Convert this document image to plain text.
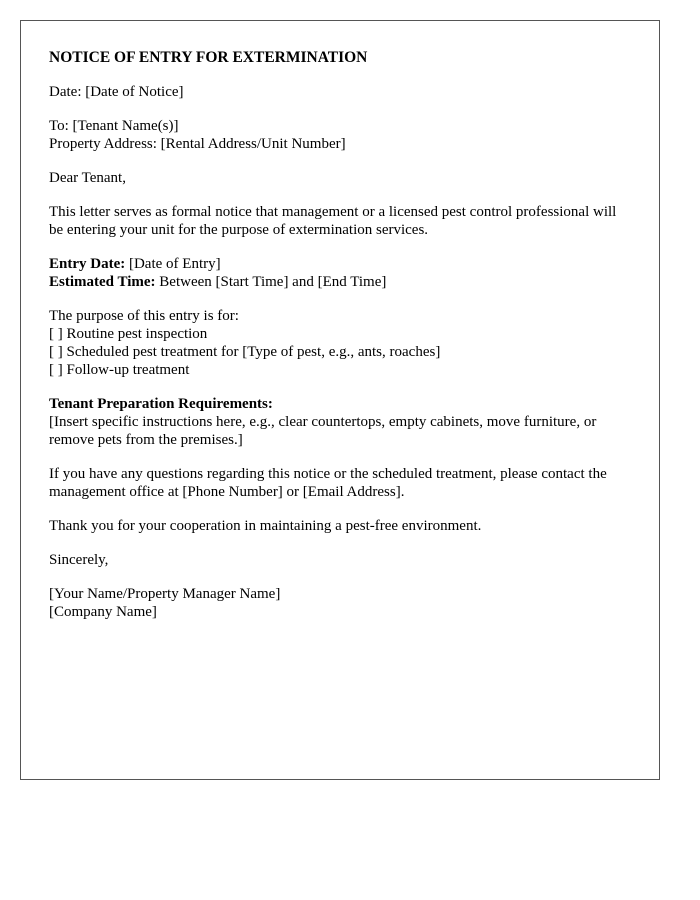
NOTICE OF ENTRY FOR EXTERMINATION
Date: [Date of Notice]
To: [Tenant Name(s)]
Property Address: [Rental Address/Unit Number]
Dear Tenant,
This letter serves as formal notice that management or a licensed pest control professional will be entering your unit for the purpose of extermination services.
Entry Date: [Date of Entry]
Estimated Time: Between [Start Time] and [End Time]
The purpose of this entry is for:
[ ] Routine pest inspection
[ ] Scheduled pest treatment for [Type of pest, e.g., ants, roaches]
[ ] Follow-up treatment
Tenant Preparation Requirements:
[Insert specific instructions here, e.g., clear countertops, empty cabinets, move furniture, or remove pets from the premises.]
If you have any questions regarding this notice or the scheduled treatment, please contact the management office at [Phone Number] or [Email Address].
Thank you for your cooperation in maintaining a pest-free environment.
Sincerely,
[Your Name/Property Manager Name]
[Company Name]
